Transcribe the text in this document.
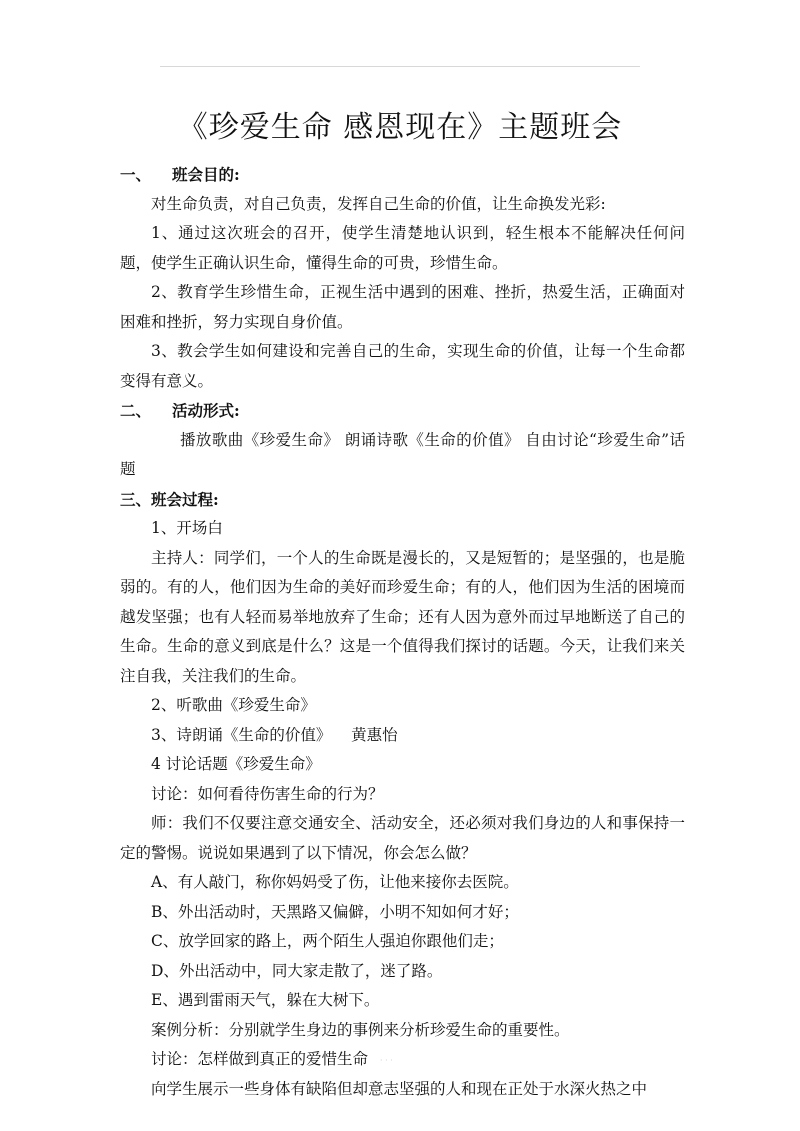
《珍爱生命 感恩现在》主题班会

一、 班会目的:

对生命负责，对自己负责，发挥自己生命的价值，让生命换发光彩:

1、通过这次班会的召开，使学生清楚地认识到，轻生根本不能解决任何问题，使学生正确认识生命，懂得生命的可贵，珍惜生命。

2、教育学生珍惜生命，正视生活中遇到的困难、挫折，热爱生活，正确面对困难和挫折，努力实现自身价值。

3、教会学生如何建设和完善自己的生命，实现生命的价值，让每一个生命都变得有意义。

二、 活动形式:

播放歌曲《珍爱生命》 朗诵诗歌《生命的价值》 自由讨论“珍爱生命”话题

三、班会过程:

1、开场白

主持人：同学们，一个人的生命既是漫长的，又是短暂的；是坚强的，也是脆弱的。有的人，他们因为生命的美好而珍爱生命；有的人，他们因为生活的困境而越发坚强；也有人轻而易举地放弃了生命；还有人因为意外而过早地断送了自己的生命。生命的意义到底是什么？这是一个值得我们探讨的话题。今天，让我们来关注自我，关注我们的生命。

2、听歌曲《珍爱生命》

3、诗朗诵《生命的价值》    黄惠怡

4 讨论话题《珍爱生命》

讨论：如何看待伤害生命的行为？

师：我们不仅要注意交通安全、活动安全，还必须对我们身边的人和事保持一定的警惕。说说如果遇到了以下情况，你会怎么做？

A、有人敲门，称你妈妈受了伤，让他来接你去医院。

B、外出活动时，天黑路又偏僻，小明不知如何才好；

C、放学回家的路上，两个陌生人强迫你跟他们走；

D、外出活动中，同大家走散了，迷了路。

E、遇到雷雨天气，躲在大树下。

案例分析：分别就学生身边的事例来分析珍爱生命的重要性。

讨论：怎样做到真正的爱惜生命

向学生展示一些身体有缺陷但却意志坚强的人和现在正处于水深火热之中

· · ·
